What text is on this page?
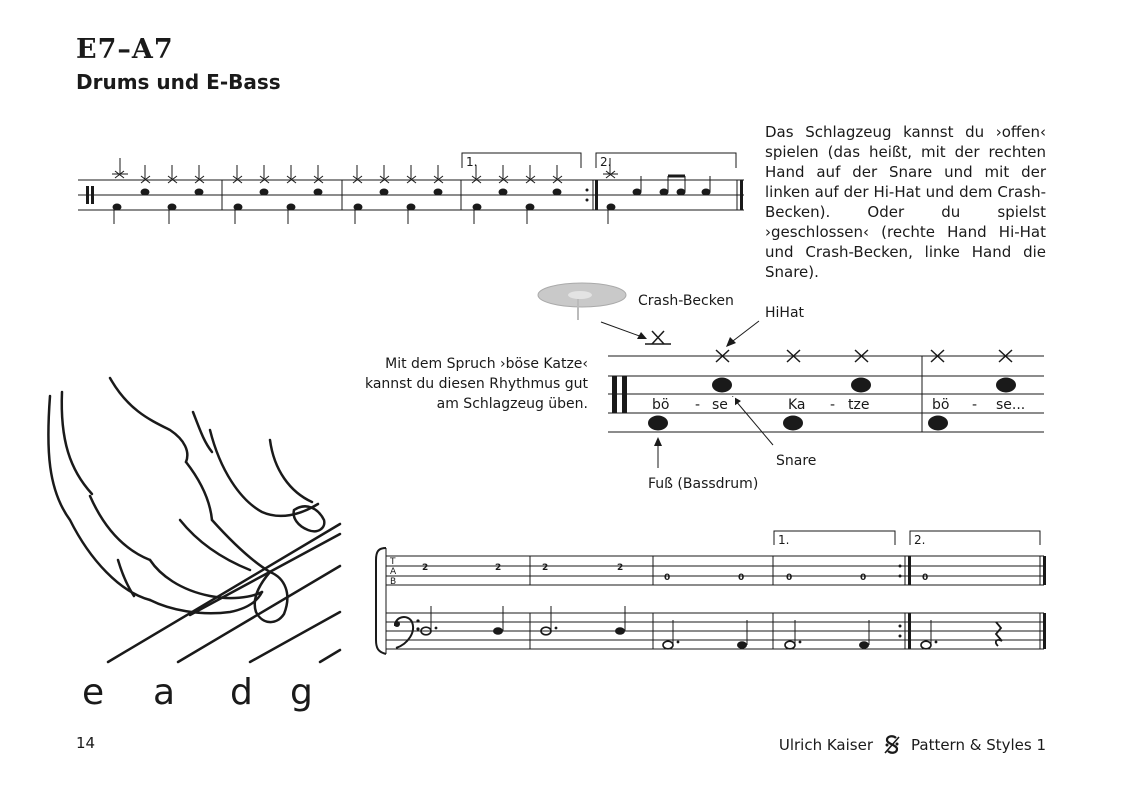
E7–A7
Drums und E-Bass

Das Schlagzeug kannst du ›offen‹ spielen (das heißt, mit der rechten Hand auf der Snare und mit der linken auf der Hi-Hat und dem Crash-Becken). Oder du spielst ›geschlossen‹ (rechte Hand Hi-Hat und Crash-Becken, linke Hand die Snare).

Mit dem Spruch ›böse Katze‹ kannst du diesen Rhythmus gut am Schlagzeug üben.

1.	2.
Crash-Becken
HiHat
Snare
Fuß (Bassdrum)
bö - se	Ka - tze	bö - se...
e a d g
1.	2.
T
A
B
2	2	2	2
0	0	0	0	0
14	Ulrich Kaiser	Pattern & Styles 1
